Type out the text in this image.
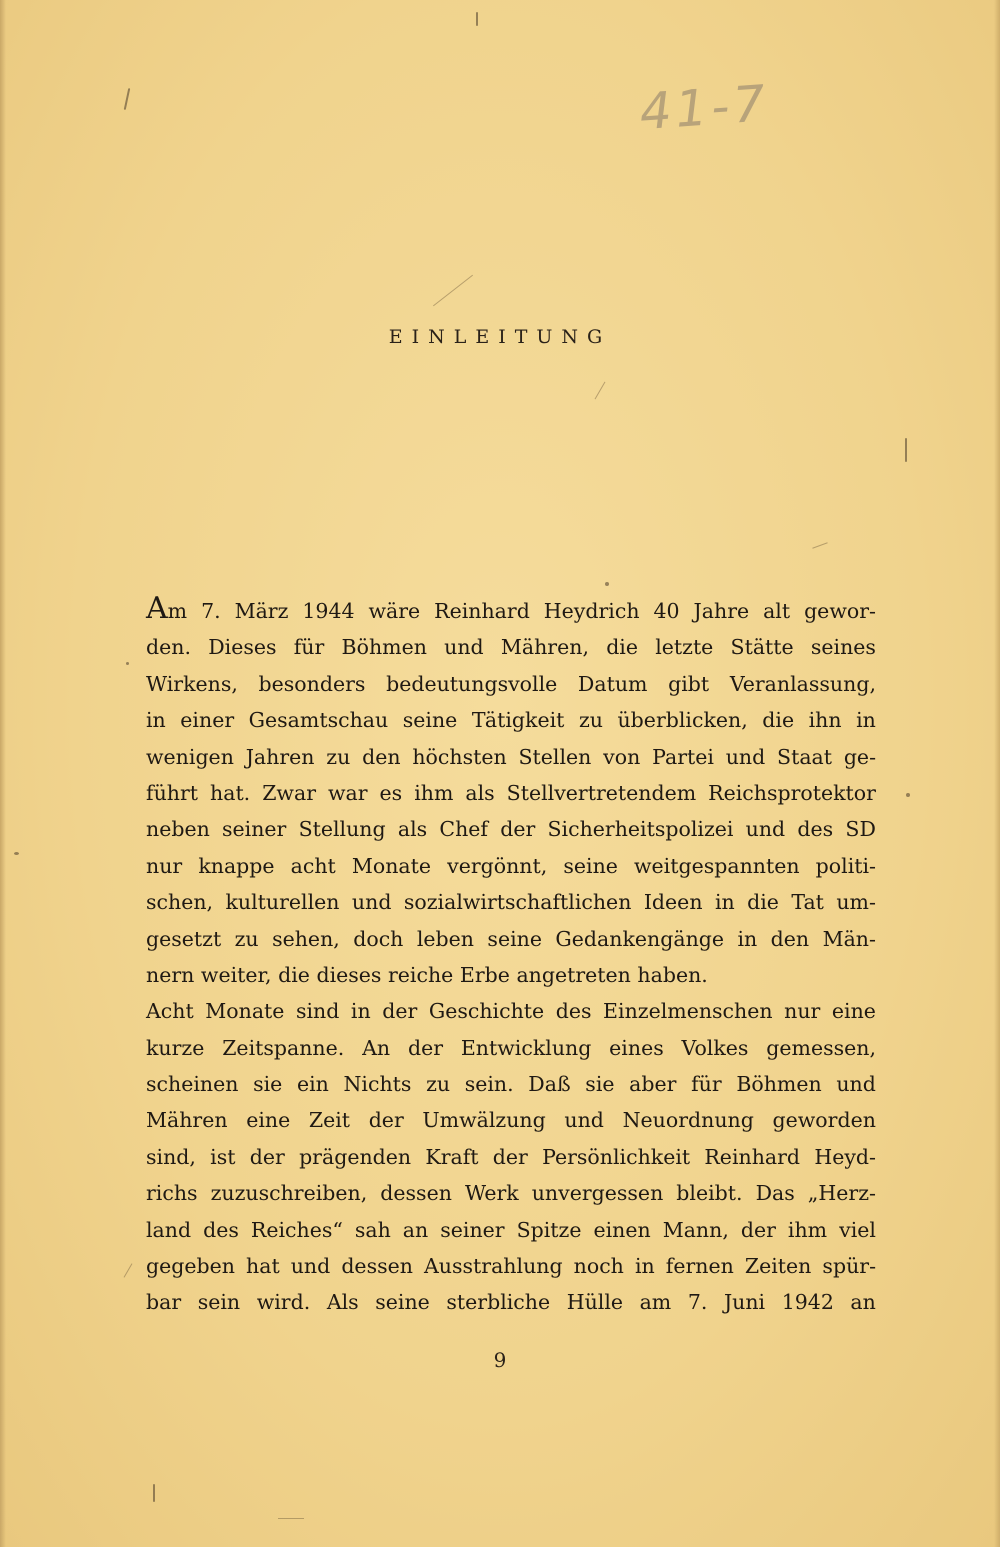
41-7
EINLEITUNG
Am 7. März 1944 wäre Reinhard Heydrich 40 Jahre alt gewor-
den. Dieses für Böhmen und Mähren, die letzte Stätte seines
Wirkens, besonders bedeutungsvolle Datum gibt Veranlassung,
in einer Gesamtschau seine Tätigkeit zu überblicken, die ihn in
wenigen Jahren zu den höchsten Stellen von Partei und Staat ge-
führt hat. Zwar war es ihm als Stellvertretendem Reichsprotektor
neben seiner Stellung als Chef der Sicherheitspolizei und des SD
nur knappe acht Monate vergönnt, seine weitgespannten politi-
schen, kulturellen und sozialwirtschaftlichen Ideen in die Tat um-
gesetzt zu sehen, doch leben seine Gedankengänge in den Män-
nern weiter, die dieses reiche Erbe angetreten haben.
Acht Monate sind in der Geschichte des Einzelmenschen nur eine
kurze Zeitspanne. An der Entwicklung eines Volkes gemessen,
scheinen sie ein Nichts zu sein. Daß sie aber für Böhmen und
Mähren eine Zeit der Umwälzung und Neuordnung geworden
sind, ist der prägenden Kraft der Persönlichkeit Reinhard Heyd-
richs zuzuschreiben, dessen Werk unvergessen bleibt. Das „Herz-
land des Reiches“ sah an seiner Spitze einen Mann, der ihm viel
gegeben hat und dessen Ausstrahlung noch in fernen Zeiten spür-
bar sein wird. Als seine sterbliche Hülle am 7. Juni 1942 an
9
